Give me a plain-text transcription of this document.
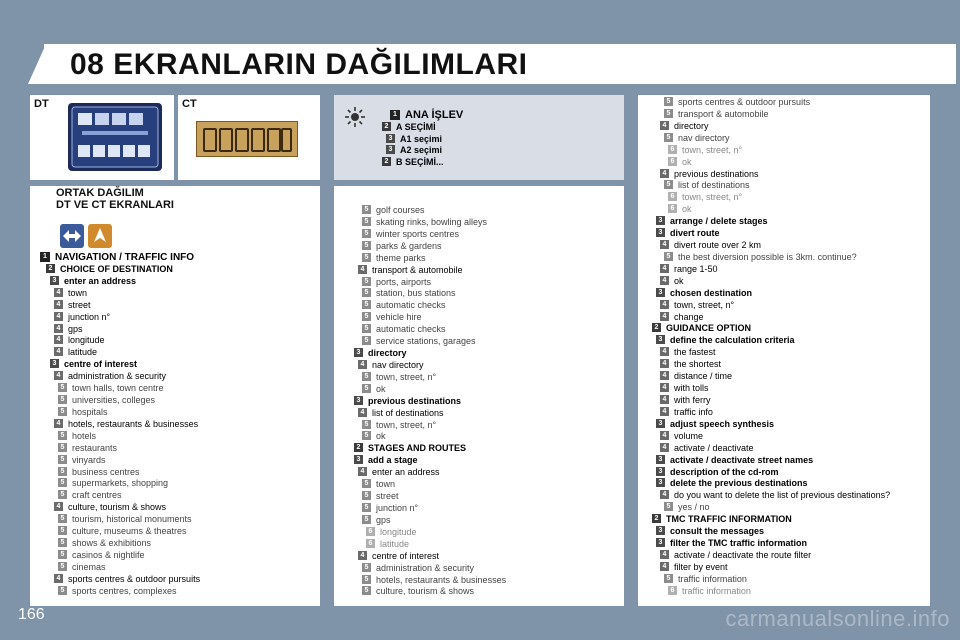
08 EKRANLARIN DAĞILIMLARI
DT	CT
1 ANA İŞLEV
2 A SEÇİMİ
3 A1 seçimi
3 A2 seçimi
2 B SEÇİMİ...
ORTAK DAĞILIM
DT VE CT EKRANLARI
1 NAVIGATION / TRAFFIC INFO
2 CHOICE OF DESTINATION
3 enter an address
4 town
4 street
4 junction n°
4 gps
4 longitude
4 latitude
3 centre of interest
4 administration & security
5 town halls, town centre
5 universities, colleges
5 hospitals
4 hotels, restaurants & businesses
5 hotels
5 restaurants
5 vinyards
5 business centres
5 supermarkets, shopping
5 craft centres
4 culture, tourism & shows
5 tourism, historical monuments
5 culture, museums & theatres
5 shows & exhibitions
5 casinos & nightlife
5 cinemas
4 sports centres & outdoor pursuits
5 sports centres, complexes
5 golf courses
5 skating rinks, bowling alleys
5 winter sports centres
5 parks & gardens
5 theme parks
4 transport & automobile
5 ports, airports
5 station, bus stations
5 automatic checks
5 vehicle hire
5 automatic checks
5 service stations, garages
3 directory
4 nav directory
5 town, street, n°
5 ok
3 previous destinations
4 list of destinations
5 town, street, n°
5 ok
2 STAGES AND ROUTES
3 add a stage
4 enter an address
5 town
5 street
5 junction n°
5 gps
6 longitude
6 latitude
4 centre of interest
5 administration & security
5 hotels, restaurants & businesses
5 culture, tourism & shows
5 sports centres & outdoor pursuits
5 transport & automobile
4 directory
5 nav directory
6 town, street, n°
6 ok
4 previous destinations
5 list of destinations
6 town, street, n°
6 ok
3 arrange / delete stages
3 divert route
4 divert route over 2 km
5 the best diversion possible is 3km. continue?
4 range 1-50
4 ok
3 chosen destination
4 town, street, n°
4 change
2 GUIDANCE OPTION
3 define the calculation criteria
4 the fastest
4 the shortest
4 distance / time
4 with tolls
4 with ferry
4 traffic info
3 adjust speech synthesis
4 volume
4 activate / deactivate
3 activate / deactivate street names
3 description of the cd-rom
3 delete the previous destinations
4 do you want to delete the list of previous destinations?
5 yes / no
2 TMC TRAFFIC INFORMATION
3 consult the messages
3 filter the TMC traffic information
4 activate / deactivate the route filter
4 filter by event
5 traffic information
6 traffic information
166	carmanualsonline.info
